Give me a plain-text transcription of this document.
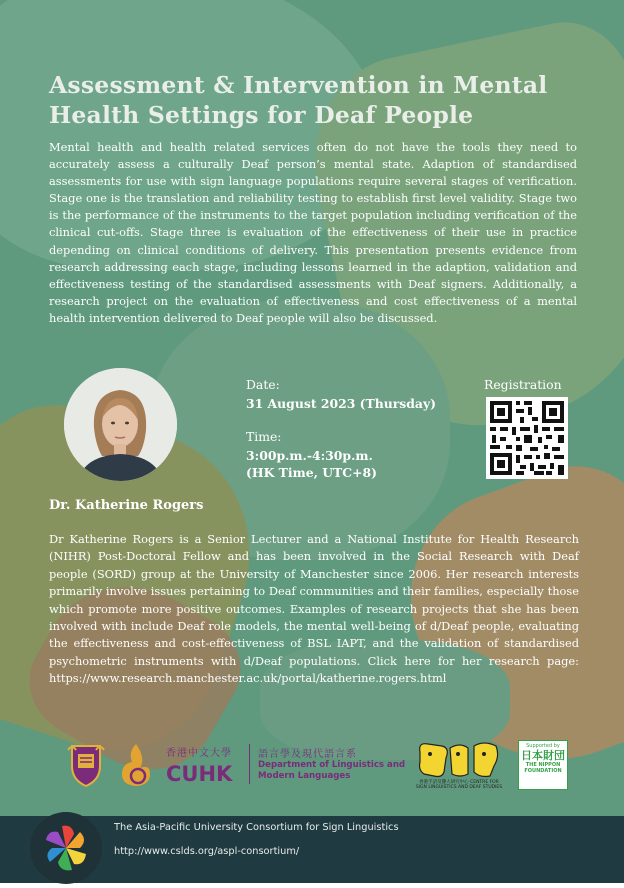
Assessment & Intervention in Mental Health Settings for Deaf People

Mental health and health related services often do not have the tools they need to accurately assess a culturally Deaf person’s mental state. Adaption of standardised assessments for use with sign language populations require several stages of verification. Stage one is the translation and reliability testing to establish first level validity. Stage two is the performance of the instruments to the target population including verification of the clinical cut-offs. Stage three is evaluation of the effectiveness of their use in practice depending on clinical conditions of delivery. This presentation presents evidence from research addressing each stage, including lessons learned in the adaption, validation and effectiveness testing of the standardised assessments with Deaf signers. Additionally, a research project on the evaluation of effectiveness and cost effectiveness of a mental health intervention delivered to Deaf people will also be discussed.

Date:
31 August 2023 (Thursday)
Time:
3:00p.m.-4:30p.m.
(HK Time, UTC+8)
Registration
Dr. Katherine Rogers

Dr Katherine Rogers is a Senior Lecturer and a National Institute for Health Research (NIHR) Post-Doctoral Fellow and has been involved in the Social Research with Deaf people (SORD) group at the University of Manchester since 2006. Her research interests primarily involve issues pertaining to Deaf communities and their families, especially those which promote more positive outcomes. Examples of research projects that she has been involved with include Deaf role models, the mental well-being of d/Deaf people, evaluating the effectiveness and cost-effectiveness of BSL IAPT, and the validation of standardised psychometric instruments with d/Deaf populations. Click here for her research page: https://www.research.manchester.ac.uk/portal/katherine.rogers.html

香港中文大學
CUHK
語言學及現代語言系
Department of Linguistics and Modern Languages
香港手語及聾人研究中心 CENTRE FOR SIGN LINGUISTICS AND DEAF STUDIES
Supported by
日本財団
THE NIPPON FOUNDATION
The Asia-Pacific University Consortium for Sign Linguistics
http://www.cslds.org/aspl-consortium/
